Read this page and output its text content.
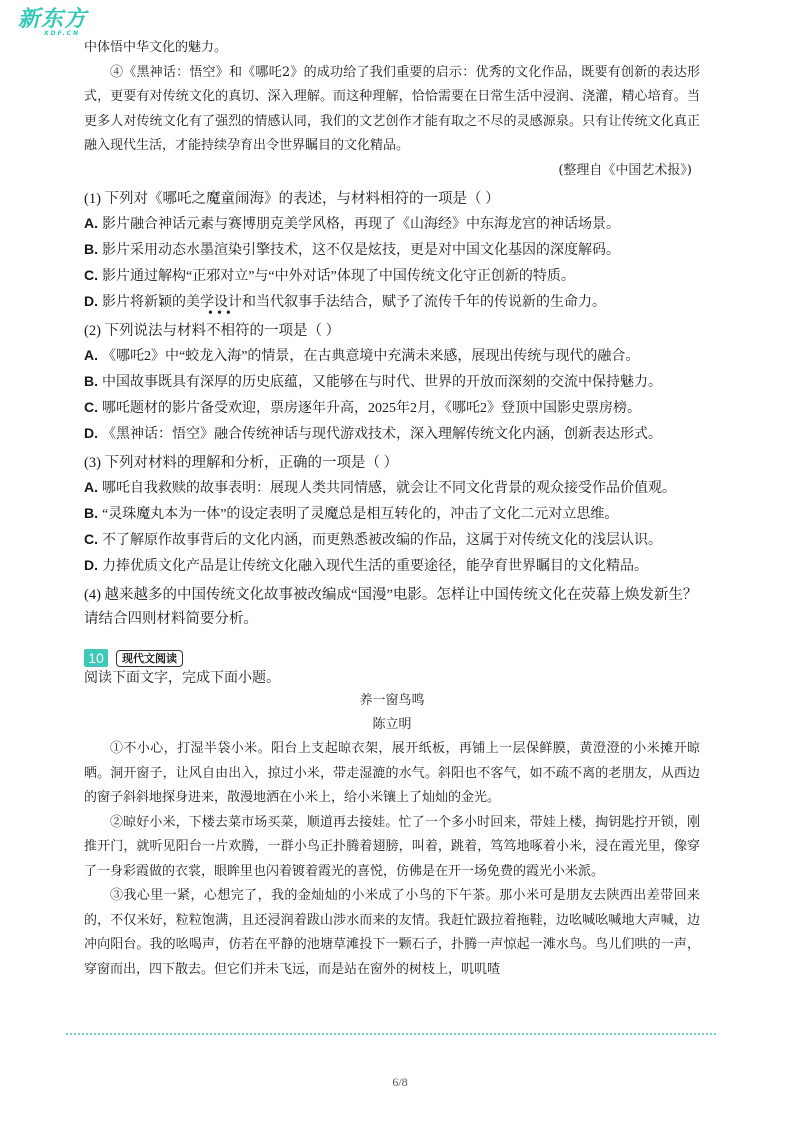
新东方
XDF.CN

中体悟中华文化的魅力。

④《黑神话：悟空》和《哪吒2》的成功给了我们重要的启示：优秀的文化作品，既要有创新的表达形式，更要有对传统文化的真切、深入理解。而这种理解，恰恰需要在日常生活中浸润、浇灌，精心培育。当更多人对传统文化有了强烈的情感认同，我们的文艺创作才能有取之不尽的灵感源泉。只有让传统文化真正融入现代生活，才能持续孕育出令世界瞩目的文化精品。

(整理自《中国艺术报》)

(1) 下列对《哪吒之魔童闹海》的表述，与材料相符的一项是（ ）

A. 影片融合神话元素与赛博朋克美学风格，再现了《山海经》中东海龙宫的神话场景。

B. 影片采用动态水墨渲染引擎技术，这不仅是炫技，更是对中国文化基因的深度解码。

C. 影片通过解构“正邪对立”与“中外对话”体现了中国传统文化守正创新的特质。

D. 影片将新颖的美学设计和当代叙事手法结合，赋予了流传千年的传说新的生命力。

(2) 下列说法与材料••• 不相符的一项是（ ）

A. 《哪吒2》中“蛟龙入海”的情景，在古典意境中充满未来感，展现出传统与现代的融合。

B. 中国故事既具有深厚的历史底蕴，又能够在与时代、世界的开放而深刻的交流中保持魅力。

C. 哪吒题材的影片备受欢迎，票房逐年升高，2025年2月，《哪吒2》登顶中国影史票房榜。

D. 《黑神话：悟空》融合传统神话与现代游戏技术，深入理解传统文化内涵，创新表达形式。

(3) 下列对材料的理解和分析，正确的一项是（ ）

A. 哪吒自我救赎的故事表明：展现人类共同情感，就会让不同文化背景的观众接受作品价值观。

B. “灵珠魔丸本为一体”的设定表明了灵魔总是相互转化的，冲击了文化二元对立思维。

C. 不了解原作故事背后的文化内涵，而更熟悉被改编的作品，这属于对传统文化的浅层认识。

D. 力捧优质文化产品是让传统文化融入现代生活的重要途径，能孕育世界瞩目的文化精品。

(4) 越来越多的中国传统文化故事被改编成“国漫”电影。怎样让中国传统文化在荧幕上焕发新生？请结合四则材料简要分析。

10	现代文阅读

阅读下面文字，完成下面小题。

养一窗鸟鸣
陈立明

①不小心，打湿半袋小米。阳台上支起晾衣架，展开纸板，再铺上一层保鲜膜，黄澄澄的小米摊开晾晒。洞开窗子，让风自由出入，掠过小米，带走湿漉的水气。斜阳也不客气，如不疏不离的老朋友，从西边的窗子斜斜地探身进来，散漫地洒在小米上，给小米镶上了灿灿的金光。

②晾好小米，下楼去菜市场买菜，顺道再去接娃。忙了一个多小时回来，带娃上楼，掏钥匙拧开锁，刚推开门，就听见阳台一片欢腾，一群小鸟正扑腾着翅膀，叫着，跳着，笃笃地啄着小米，浸在霞光里，像穿了一身彩霞做的衣裳，眼眸里也闪着镀着霞光的喜悦，仿佛是在开一场免费的霞光小米派。

③我心里一紧，心想完了，我的金灿灿的小米成了小鸟的下午茶。那小米可是朋友去陕西出差带回来的，不仅米好，粒粒饱满，且还浸润着跋山涉水而来的友情。我赶忙趿拉着拖鞋，边吆喊吆喊地大声喊，边冲向阳台。我的吆喝声，仿若在平静的池塘草滩投下一颗石子，扑腾一声惊起一滩水鸟。鸟儿们哄的一声，穿窗而出，四下散去。但它们并未飞远，而是站在窗外的树枝上，叽叽喳

6/8
